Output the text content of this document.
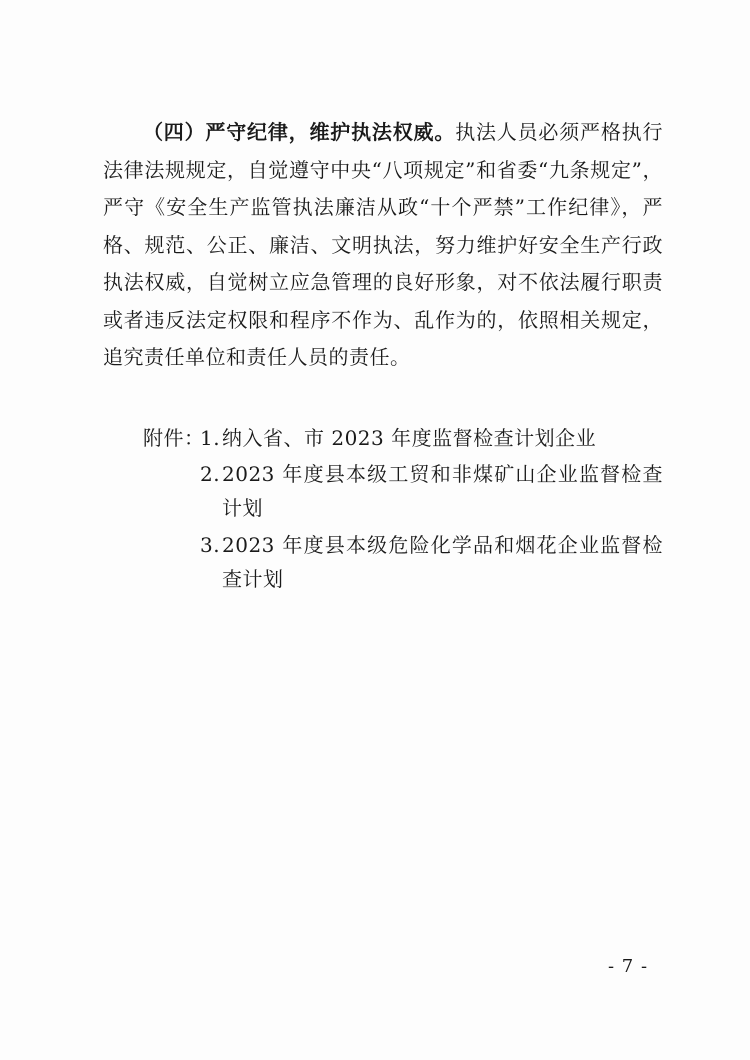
（四）严守纪律，维护执法权威。执法人员必须严格执行法律法规规定，自觉遵守中央“八项规定”和省委“九条规定”，严守《安全生产监管执法廉洁从政“十个严禁”工作纪律》，严格、规范、公正、廉洁、文明执法，努力维护好安全生产行政执法权威，自觉树立应急管理的良好形象，对不依法履行职责或者违反法定权限和程序不作为、乱作为的，依照相关规定，追究责任单位和责任人员的责任。

附件：
1. 纳入省、市 2023 年度监督检查计划企业
2. 2023 年度县本级工贸和非煤矿山企业监督检查计划
3. 2023 年度县本级危险化学品和烟花企业监督检查计划
- 7 -
